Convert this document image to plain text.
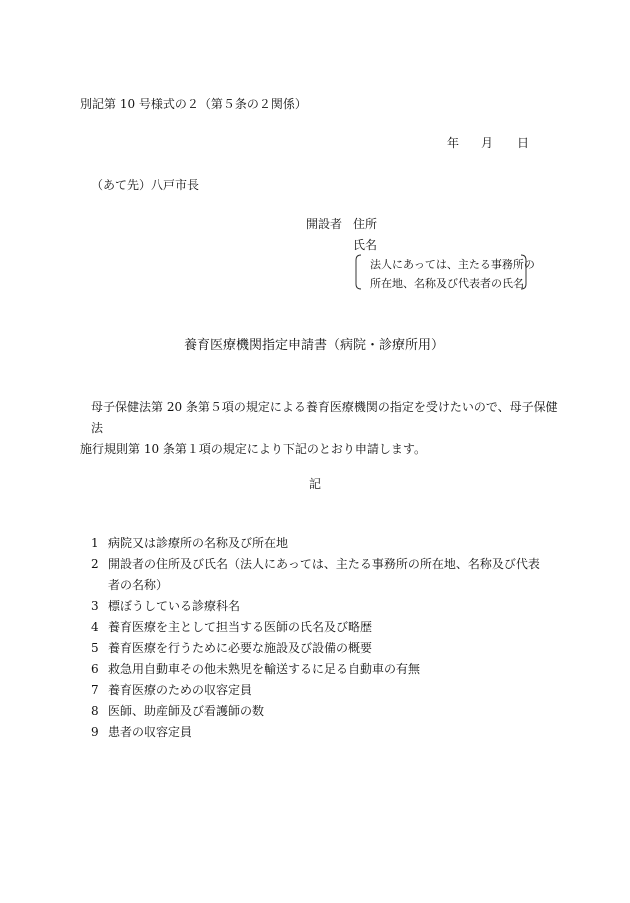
別記第 10 号様式の２（第５条の２関係）
年 月 日
（あて先）八戸市長
開設者 住所
氏名
法人にあっては、主たる事務所の
所在地、名称及び代表者の氏名
養育医療機関指定申請書（病院・診療所用）
母子保健法第 20 条第５項の規定による養育医療機関の指定を受けたいので、母子保健法
施行規則第 10 条第１項の規定により下記のとおり申請します。
記
1 病院又は診療所の名称及び所在地
2 開設者の住所及び氏名（法人にあっては、主たる事務所の所在地、名称及び代表者の名称）
3 標ぼうしている診療科名
4 養育医療を主として担当する医師の氏名及び略歴
5 養育医療を行うために必要な施設及び設備の概要
6 救急用自動車その他未熟児を輸送するに足る自動車の有無
7 養育医療のための収容定員
8 医師、助産師及び看護師の数
9 患者の収容定員
